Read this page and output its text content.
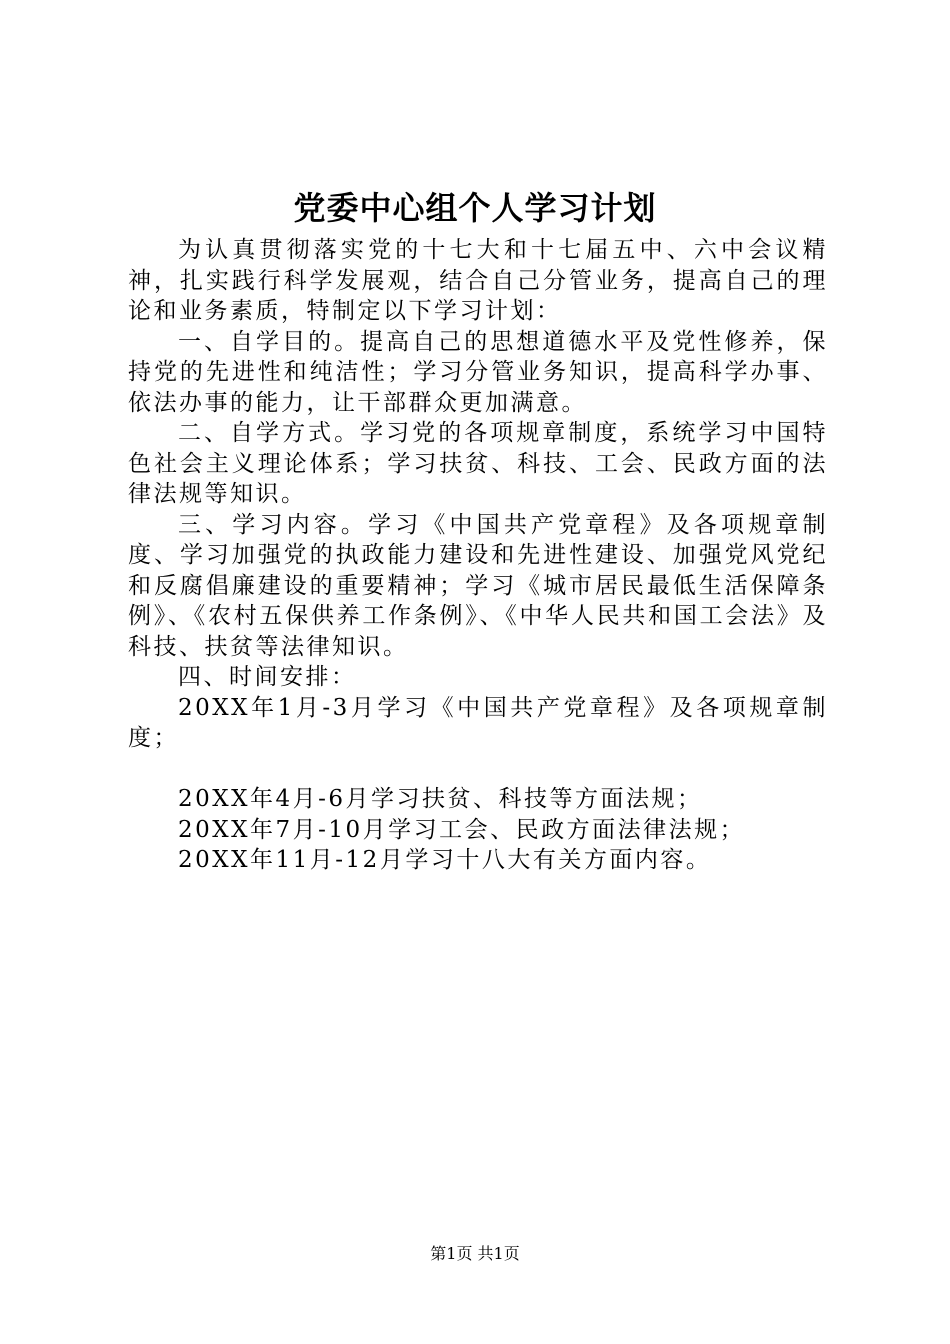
党委中心组个人学习计划

为认真贯彻落实党的十七大和十七届五中、六中会议精神，扎实践行科学发展观，结合自己分管业务，提高自己的理论和业务素质，特制定以下学习计划：

一、自学目的。提高自己的思想道德水平及党性修养，保持党的先进性和纯洁性；学习分管业务知识，提高科学办事、依法办事的能力，让干部群众更加满意。

二、自学方式。学习党的各项规章制度，系统学习中国特色社会主义理论体系；学习扶贫、科技、工会、民政方面的法律法规等知识。

三、学习内容。学习《中国共产党章程》及各项规章制度、学习加强党的执政能力建设和先进性建设、加强党风党纪和反腐倡廉建设的重要精神；学习《城市居民最低生活保障条例》、《农村五保供养工作条例》、《中华人民共和国工会法》及科技、扶贫等法律知识。

四、时间安排：

20XX年1月-3月学习《中国共产党章程》及各项规章制度；

20XX年4月-6月学习扶贫、科技等方面法规；

20XX年7月-10月学习工会、民政方面法律法规；

20XX年11月-12月学习十八大有关方面内容。

第1页 共1页
